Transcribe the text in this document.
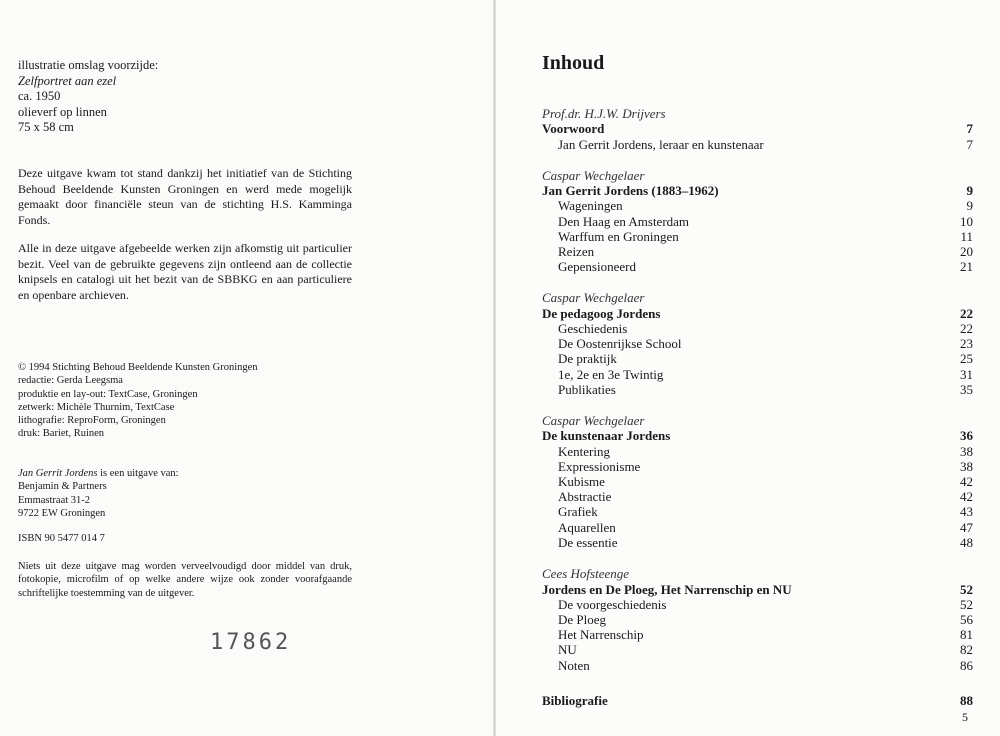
illustratie omslag voorzijde:

Zelfportret aan ezel

ca. 1950

olieverf op linnen

75 x 58 cm

Deze uitgave kwam tot stand dankzij het initiatief van de Stichting Behoud Beeldende Kunsten Groningen en werd mede mogelijk gemaakt door financiële steun van de stichting H.S. Kamminga Fonds.

Alle in deze uitgave afgebeelde werken zijn afkomstig uit particulier bezit. Veel van de gebruikte gegevens zijn ontleend aan de collectie knipsels en catalogi uit het bezit van de SBBKG en aan particuliere en openbare archieven.

© 1994 Stichting Behoud Beeldende Kunsten Groningen

redactie: Gerda Leegsma

produktie en lay-out: TextCase, Groningen

zetwerk: Michèle Thurnim, TextCase

lithografie: ReproForm, Groningen

druk: Bariet, Ruinen

Jan Gerrit Jordens is een uitgave van:

Benjamin & Partners

Emmastraat 31-2

9722 EW Groningen

ISBN 90 5477 014 7

Niets uit deze uitgave mag worden verveelvoudigd door middel van druk, fotokopie, microfilm of op welke andere wijze ook zonder voorafgaande schriftelijke toestemming van de uitgever.

17862
Inhoud
Prof.dr. H.J.W. Drijvers
Voorwoord	7
Jan Gerrit Jordens, leraar en kunstenaar	7
Caspar Wechgelaer
Jan Gerrit Jordens (1883–1962)	9
Wageningen	9
Den Haag en Amsterdam	10
Warffum en Groningen	11
Reizen	20
Gepensioneerd	21
Caspar Wechgelaer
De pedagoog Jordens	22
Geschiedenis	22
De Oostenrijkse School	23
De praktijk	25
1e, 2e en 3e Twintig	31
Publikaties	35
Caspar Wechgelaer
De kunstenaar Jordens	36
Kentering	38
Expressionisme	38
Kubisme	42
Abstractie	42
Grafiek	43
Aquarellen	47
De essentie	48
Cees Hofsteenge
Jordens en De Ploeg, Het Narrenschip en NU	52
De voorgeschiedenis	52
De Ploeg	56
Het Narrenschip	81
NU	82
Noten	86
Bibliografie	88
5
